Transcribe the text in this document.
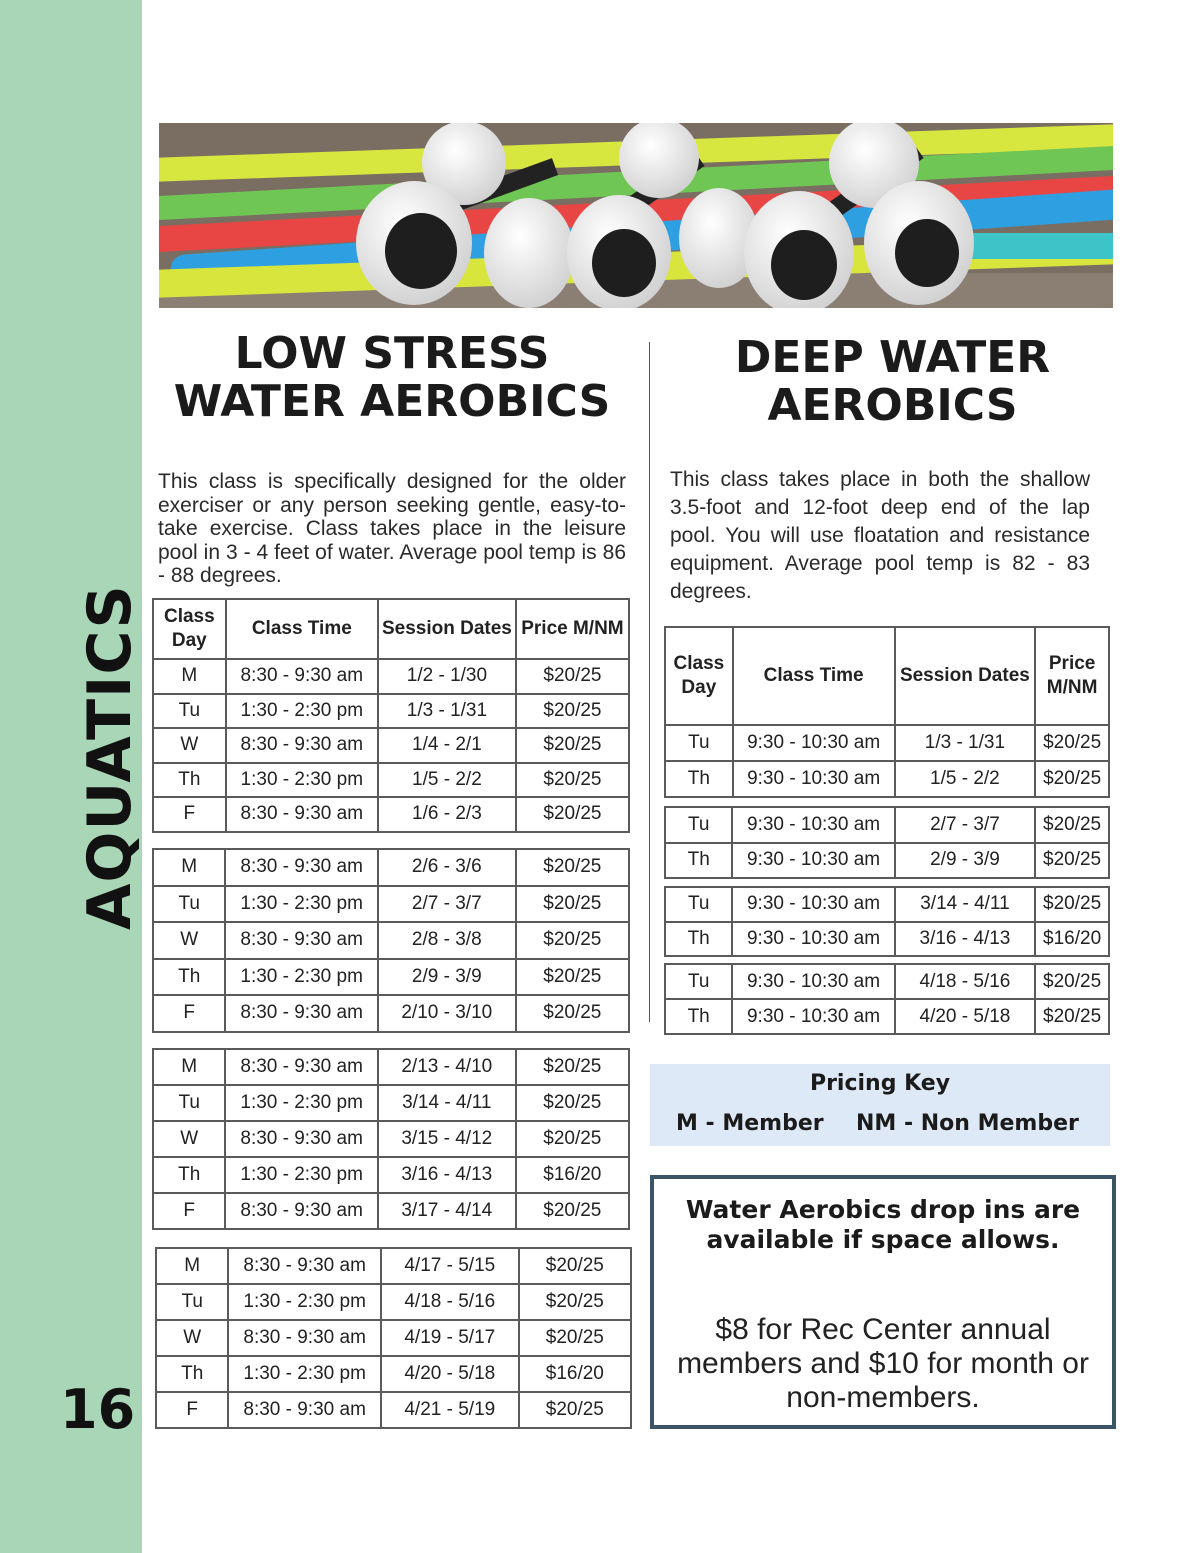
AQUATICS
16
LOW STRESS
WATER AEROBICS

This class is specifically designed for the older exerciser or any person seeking gentle, easy-to-take exercise. Class takes place in the leisure pool in 3 - 4 feet of water. Average pool temp is 86 - 88 degrees.

Class Day	Class Time	Session Dates	Price M/NM
M	8:30 - 9:30 am	1/2 - 1/30	$20/25
Tu	1:30 - 2:30 pm	1/3 - 1/31	$20/25
W	8:30 - 9:30 am	1/4 - 2/1	$20/25
Th	1:30 - 2:30 pm	1/5 - 2/2	$20/25
F	8:30 - 9:30 am	1/6 - 2/3	$20/25
M	8:30 - 9:30 am	2/6 - 3/6	$20/25
Tu	1:30 - 2:30 pm	2/7 - 3/7	$20/25
W	8:30 - 9:30 am	2/8 - 3/8	$20/25
Th	1:30 - 2:30 pm	2/9 - 3/9	$20/25
F	8:30 - 9:30 am	2/10 - 3/10	$20/25
M	8:30 - 9:30 am	2/13 - 4/10	$20/25
Tu	1:30 - 2:30 pm	3/14 - 4/11	$20/25
W	8:30 - 9:30 am	3/15 - 4/12	$20/25
Th	1:30 - 2:30 pm	3/16 - 4/13	$16/20
F	8:30 - 9:30 am	3/17 - 4/14	$20/25
M	8:30 - 9:30 am	4/17 - 5/15	$20/25
Tu	1:30 - 2:30 pm	4/18 - 5/16	$20/25
W	8:30 - 9:30 am	4/19 - 5/17	$20/25
Th	1:30 - 2:30 pm	4/20 - 5/18	$16/20
F	8:30 - 9:30 am	4/21 - 5/19	$20/25
DEEP WATER
AEROBICS

This class takes place in both the shallow 3.5-foot and 12-foot deep end of the lap pool. You will use floatation and resistance equipment. Average pool temp is 82 - 83 degrees.

Class Day	Class Time	Session Dates	Price M/NM
Tu	9:30 - 10:30 am	1/3 - 1/31	$20/25
Th	9:30 - 10:30 am	1/5 - 2/2	$20/25
Tu	9:30 - 10:30 am	2/7 - 3/7	$20/25
Th	9:30 - 10:30 am	2/9 - 3/9	$20/25
Tu	9:30 - 10:30 am	3/14 - 4/11	$20/25
Th	9:30 - 10:30 am	3/16 - 4/13	$16/20
Tu	9:30 - 10:30 am	4/18 - 5/16	$20/25
Th	9:30 - 10:30 am	4/20 - 5/18	$20/25
Pricing Key
M - Member NM - Non Member

Water Aerobics drop ins are available if space allows.

$8 for Rec Center annual members and $10 for month or non-members.
